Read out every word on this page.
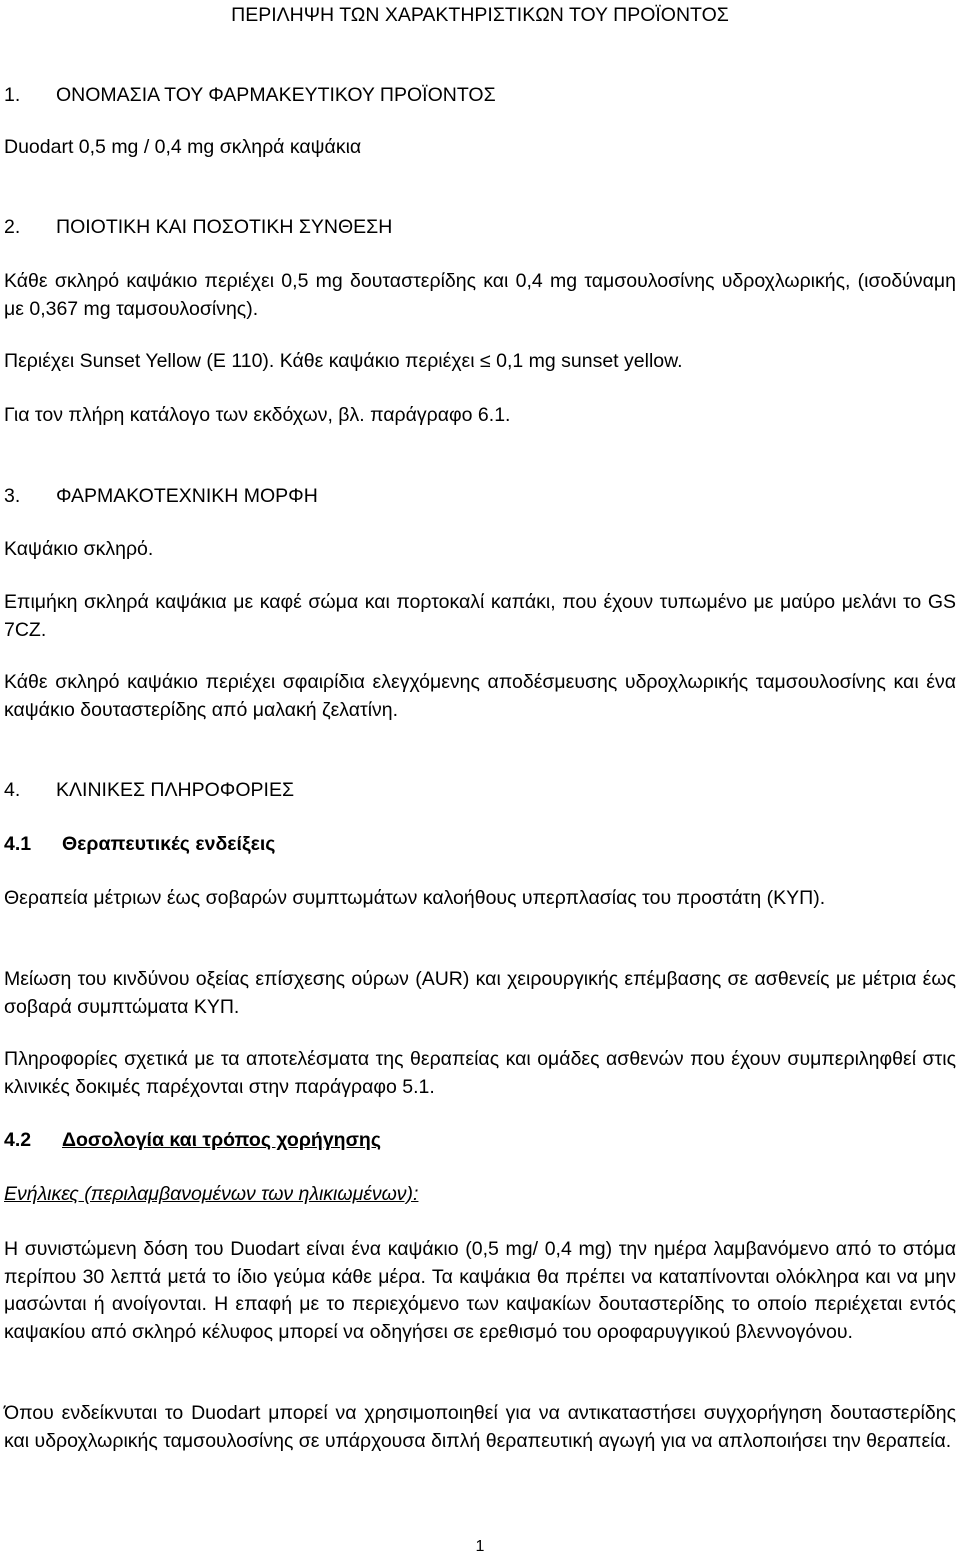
ΠΕΡΙΛΗΨΗ ΤΩΝ ΧΑΡΑΚΤΗΡΙΣΤΙΚΩΝ ΤΟΥ ΠΡΟΪΟΝΤΟΣ
1. ΟΝΟΜΑΣΙΑ ΤΟΥ ΦΑΡΜΑΚΕΥΤΙΚΟΥ ΠΡΟΪΟΝΤΟΣ

Duodart 0,5 mg / 0,4 mg σκληρά καψάκια

2. ΠΟΙΟΤΙΚΗ ΚΑΙ ΠΟΣΟΤΙΚΗ ΣΥΝΘΕΣΗ

Κάθε σκληρό καψάκιο περιέχει 0,5 mg δουταστερίδης και 0,4 mg ταμσουλοσίνης υδροχλωρικής, (ισοδύναμη με 0,367 mg ταμσουλοσίνης).

Περιέχει Sunset Yellow (E 110). Κάθε καψάκιο περιέχει ≤ 0,1 mg sunset yellow.

Για τον πλήρη κατάλογο των εκδόχων, βλ. παράγραφο 6.1.

3. ΦΑΡΜΑΚΟΤΕΧΝΙΚΗ ΜΟΡΦΗ

Καψάκιο σκληρό.

Επιμήκη σκληρά καψάκια με καφέ σώμα και πορτοκαλί καπάκι, που έχουν τυπωμένο με μαύρο μελάνι το GS 7CZ.

Κάθε σκληρό καψάκιο περιέχει σφαιρίδια ελεγχόμενης αποδέσμευσης υδροχλωρικής ταμσουλοσίνης και ένα καψάκιο δουταστερίδης από μαλακή ζελατίνη.

4. ΚΛΙΝΙΚΕΣ ΠΛΗΡΟΦΟΡΙΕΣ
4.1 Θεραπευτικές ενδείξεις

Θεραπεία μέτριων έως σοβαρών συμπτωμάτων καλοήθους υπερπλασίας του προστάτη (ΚΥΠ).

Μείωση του κινδύνου οξείας επίσχεσης ούρων (AUR) και χειρουργικής επέμβασης σε ασθενείς με μέτρια έως σοβαρά συμπτώματα ΚΥΠ.

Πληροφορίες σχετικά με τα αποτελέσματα της θεραπείας και ομάδες ασθενών που έχουν συμπεριληφθεί στις κλινικές δοκιμές παρέχονται στην παράγραφο 5.1.

4.2 Δοσολογία και τρόπος χορήγησης

Ενήλικες (περιλαμβανομένων των ηλικιωμένων):

Η συνιστώμενη δόση του Duodart είναι ένα καψάκιο (0,5 mg/ 0,4 mg) την ημέρα λαμβανόμενο από το στόμα περίπου 30 λεπτά μετά το ίδιο γεύμα κάθε μέρα. Τα καψάκια θα πρέπει να καταπίνονται ολόκληρα και να μην μασώνται ή ανοίγονται. Η επαφή με το περιεχόμενο των καψακίων δουταστερίδης το οποίο περιέχεται εντός καψακίου από σκληρό κέλυφος μπορεί να οδηγήσει σε ερεθισμό του οροφαρυγγικού βλεννογόνου.

Όπου ενδείκνυται το Duodart μπορεί να χρησιμοποιηθεί για να αντικαταστήσει συγχορήγηση δουταστερίδης και υδροχλωρικής ταμσουλοσίνης σε υπάρχουσα διπλή θεραπευτική αγωγή για να απλοποιήσει την θεραπεία.

1
